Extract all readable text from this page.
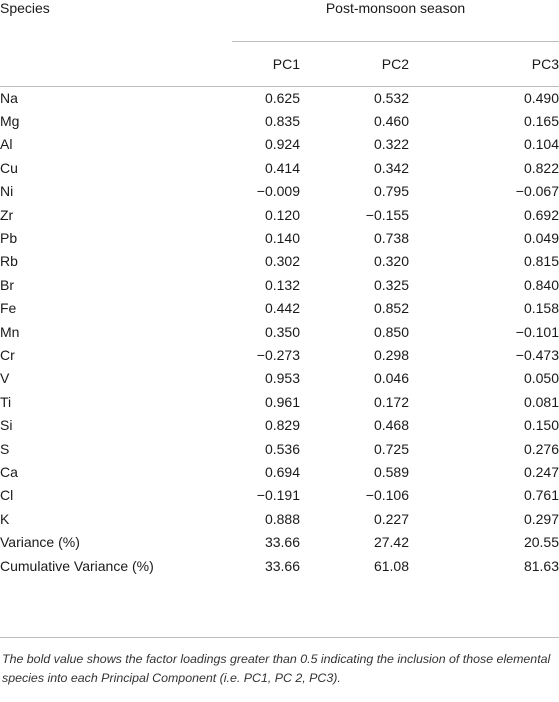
Species	Post-monsoon season		
	PC1	PC2	PC3
Na	0.625	0.532	0.490
Mg	0.835	0.460	0.165
Al	0.924	0.322	0.104
Cu	0.414	0.342	0.822
Ni	−0.009	0.795	−0.067
Zr	0.120	−0.155	0.692
Pb	0.140	0.738	0.049
Rb	0.302	0.320	0.815
Br	0.132	0.325	0.840
Fe	0.442	0.852	0.158
Mn	0.350	0.850	−0.101
Cr	−0.273	0.298	−0.473
V	0.953	0.046	0.050
Ti	0.961	0.172	0.081
Si	0.829	0.468	0.150
S	0.536	0.725	0.276
Ca	0.694	0.589	0.247
Cl	−0.191	−0.106	0.761
K	0.888	0.227	0.297
Variance (%)	33.66	27.42	20.55
Cumulative Variance (%)	33.66	61.08	81.63
The bold value shows the factor loadings greater than 0.5 indicating the inclusion of those elemental species into each Principal Component (i.e. PC1, PC 2, PC3).
